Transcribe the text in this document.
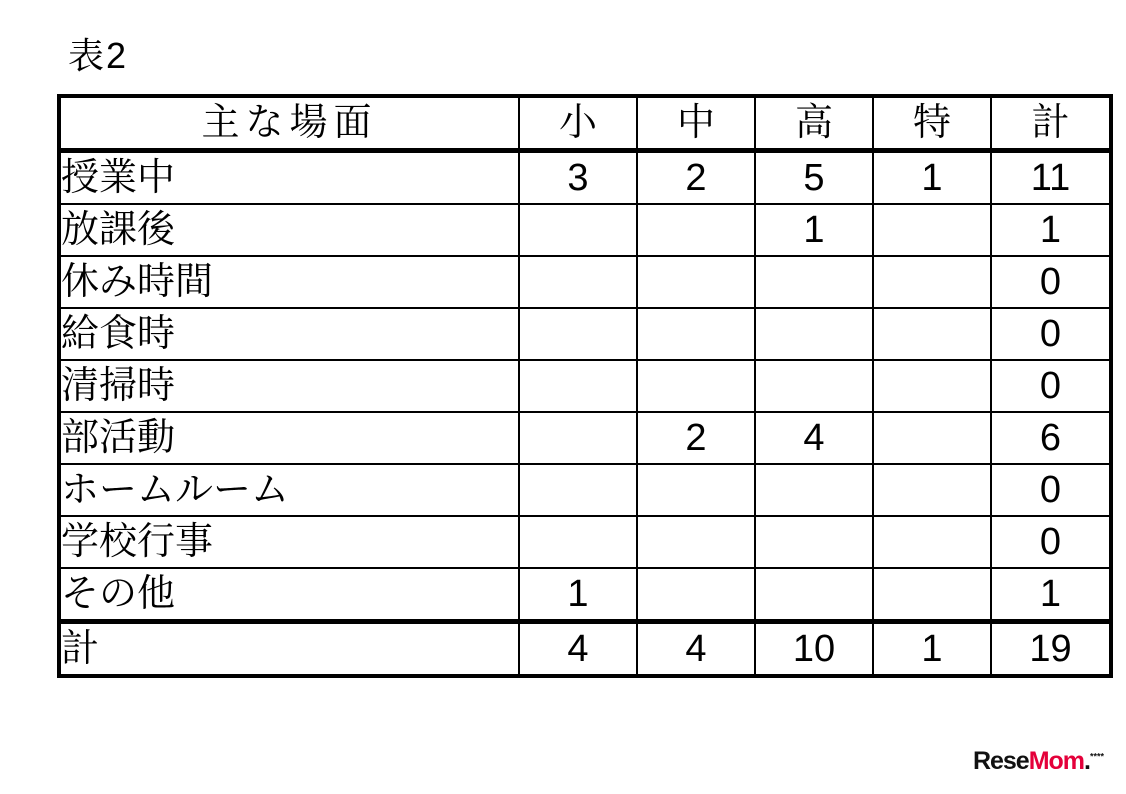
表2
主な場面	小	中	高	特	計
授業中	3	2	5	1	11
放課後			1		1
休み時間					0
給食時					0
清掃時					0
部活動		2	4		6
ホームルーム					0
学校行事					0
その他	1				1
計	4	4	10	1	19
ReseMom.****
